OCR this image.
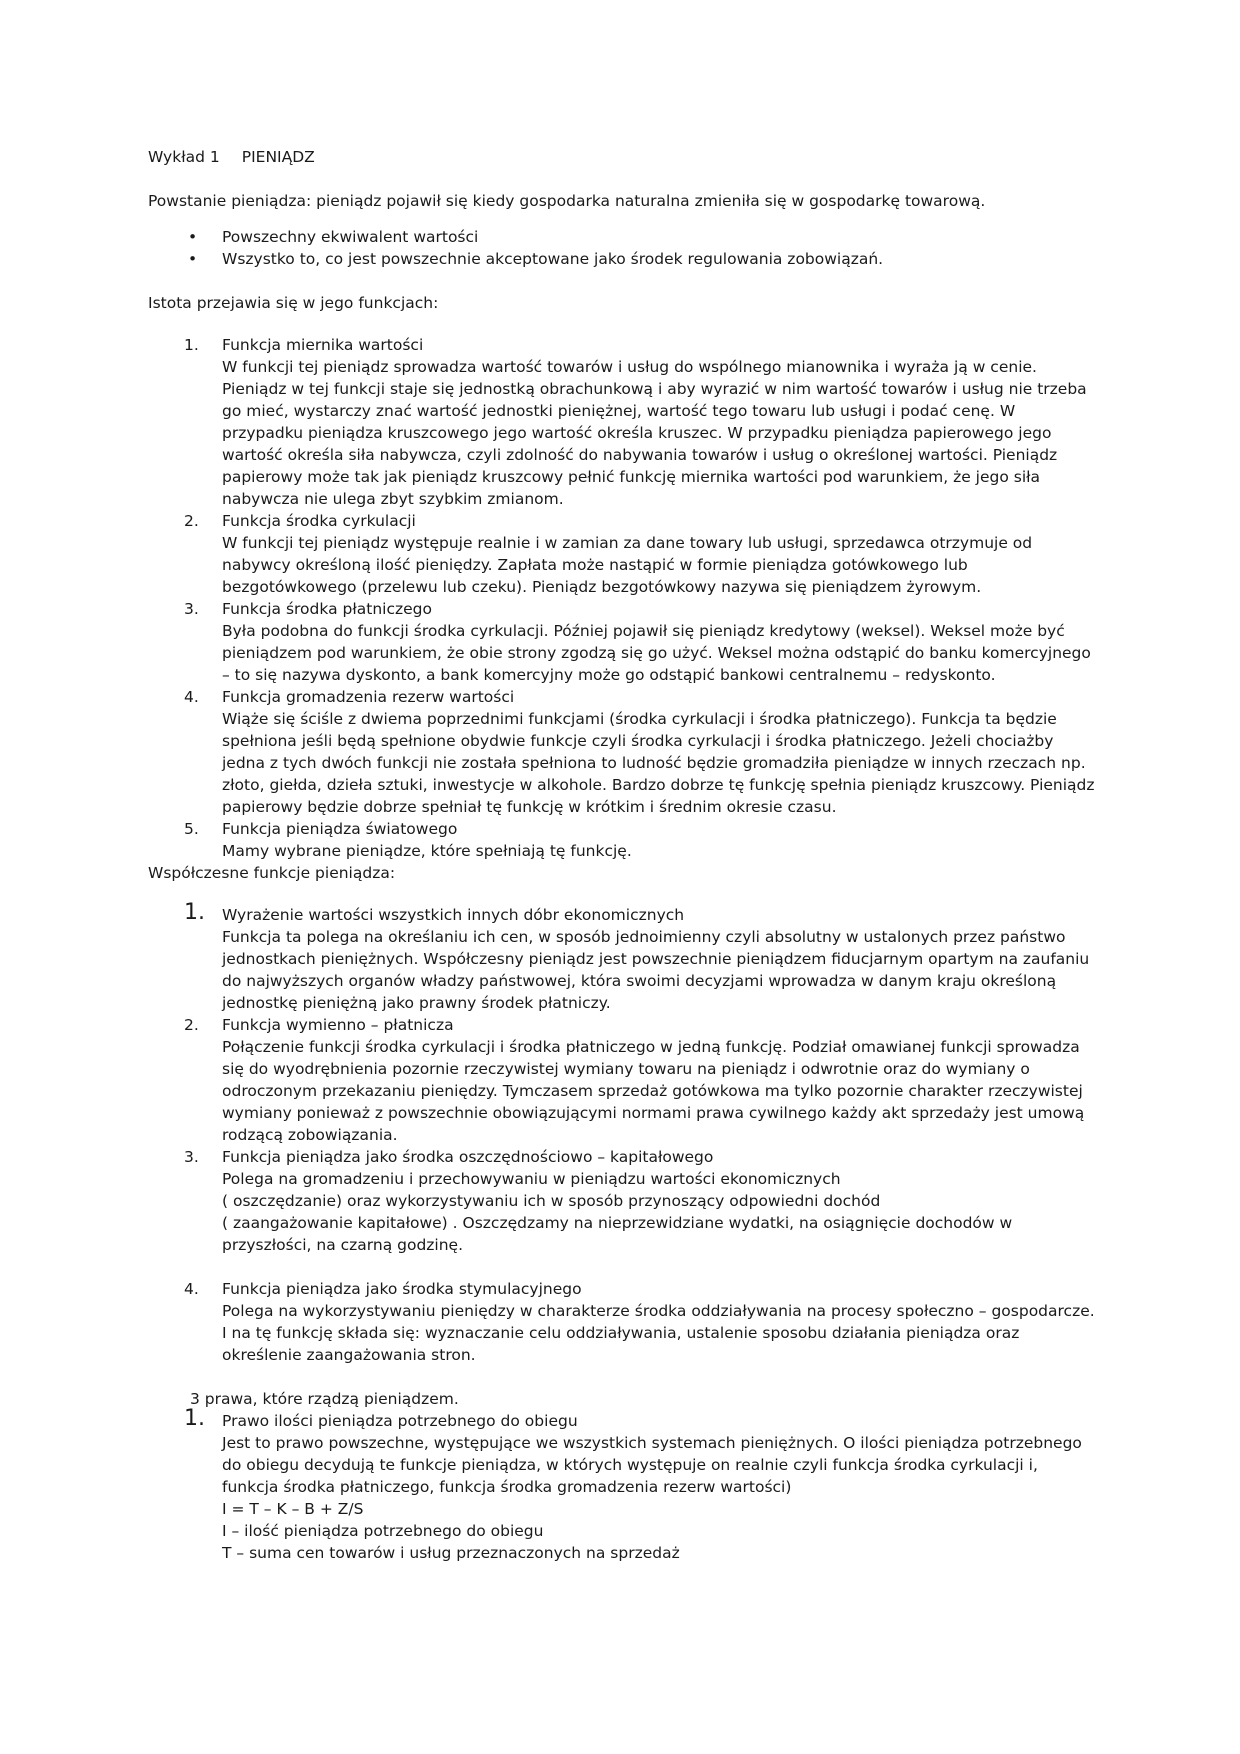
Wykład 1 PIENIĄDZ

Powstanie pieniądza: pieniądz pojawił się kiedy gospodarka naturalna zmieniła się w gospodarkę towarową.

• Powszechny ekwiwalent wartości
• Wszystko to, co jest powszechnie akceptowane jako środek regulowania zobowiązań.

Istota przejawia się w jego funkcjach:

1. Funkcja miernika wartości
W funkcji tej pieniądz sprowadza wartość towarów i usług do wspólnego mianownika i wyraża ją w cenie. Pieniądz w tej funkcji staje się jednostką obrachunkową i aby wyrazić w nim wartość towarów i usług nie trzeba go mieć, wystarczy znać wartość jednostki pieniężnej, wartość tego towaru lub usługi i podać cenę. W przypadku pieniądza kruszcowego jego wartość określa kruszec. W przypadku pieniądza papierowego jego wartość określa siła nabywcza, czyli zdolność do nabywania towarów i usług o określonej wartości. Pieniądz papierowy może tak jak pieniądz kruszcowy pełnić funkcję miernika wartości pod warunkiem, że jego siła nabywcza nie ulega zbyt szybkim zmianom.
2. Funkcja środka cyrkulacji
W funkcji tej pieniądz występuje realnie i w zamian za dane towary lub usługi, sprzedawca otrzymuje od nabywcy określoną ilość pieniędzy. Zapłata może nastąpić w formie pieniądza gotówkowego lub bezgotówkowego (przelewu lub czeku). Pieniądz bezgotówkowy nazywa się pieniądzem żyrowym.
3. Funkcja środka płatniczego
Była podobna do funkcji środka cyrkulacji. Później pojawił się pieniądz kredytowy (weksel). Weksel może być pieniądzem pod warunkiem, że obie strony zgodzą się go użyć. Weksel można odstąpić do banku komercyjnego – to się nazywa dyskonto, a bank komercyjny może go odstąpić bankowi centralnemu – redyskonto.
4. Funkcja gromadzenia rezerw wartości
Wiąże się ściśle z dwiema poprzednimi funkcjami (środka cyrkulacji i środka płatniczego). Funkcja ta będzie spełniona jeśli będą spełnione obydwie funkcje czyli środka cyrkulacji i środka płatniczego. Jeżeli chociażby jedna z tych dwóch funkcji nie została spełniona to ludność będzie gromadziła pieniądze w innych rzeczach np. złoto, giełda, dzieła sztuki, inwestycje w alkohole. Bardzo dobrze tę funkcję spełnia pieniądz kruszcowy. Pieniądz papierowy będzie dobrze spełniał tę funkcję w krótkim i średnim okresie czasu.
5. Funkcja pieniądza światowego
Mamy wybrane pieniądze, które spełniają tę funkcję.

Współczesne funkcje pieniądza:

1. Wyrażenie wartości wszystkich innych dóbr ekonomicznych
Funkcja ta polega na określaniu ich cen, w sposób jednoimienny czyli absolutny w ustalonych przez państwo jednostkach pieniężnych. Współczesny pieniądz jest powszechnie pieniądzem fiducjarnym opartym na zaufaniu do najwyższych organów władzy państwowej, która swoimi decyzjami wprowadza w danym kraju określoną jednostkę pieniężną jako prawny środek płatniczy.
2. Funkcja wymienno – płatnicza
Połączenie funkcji środka cyrkulacji i środka płatniczego w jedną funkcję. Podział omawianej funkcji sprowadza się do wyodrębnienia pozornie rzeczywistej wymiany towaru na pieniądz i odwrotnie oraz do wymiany o odroczonym przekazaniu pieniędzy. Tymczasem sprzedaż gotówkowa ma tylko pozornie charakter rzeczywistej wymiany ponieważ z powszechnie obowiązującymi normami prawa cywilnego każdy akt sprzedaży jest umową rodzącą zobowiązania.
3. Funkcja pieniądza jako środka oszczędnościowo – kapitałowego
Polega na gromadzeniu i przechowywaniu w pieniądzu wartości ekonomicznych
( oszczędzanie) oraz wykorzystywaniu ich w sposób przynoszący odpowiedni dochód
( zaangażowanie kapitałowe) . Oszczędzamy na nieprzewidziane wydatki, na osiągnięcie dochodów w przyszłości, na czarną godzinę.
4. Funkcja pieniądza jako środka stymulacyjnego
Polega na wykorzystywaniu pieniędzy w charakterze środka oddziaływania na procesy społeczno – gospodarcze. I na tę funkcję składa się: wyznaczanie celu oddziaływania, ustalenie sposobu działania pieniądza oraz określenie zaangażowania stron.

3 prawa, które rządzą pieniądzem.

1. Prawo ilości pieniądza potrzebnego do obiegu
Jest to prawo powszechne, występujące we wszystkich systemach pieniężnych. O ilości pieniądza potrzebnego do obiegu decydują te funkcje pieniądza, w których występuje on realnie czyli funkcja środka cyrkulacji i, funkcja środka płatniczego, funkcja środka gromadzenia rezerw wartości)
I = T – K – B + Z/S
I – ilość pieniądza potrzebnego do obiegu
T – suma cen towarów i usług przeznaczonych na sprzedaż
